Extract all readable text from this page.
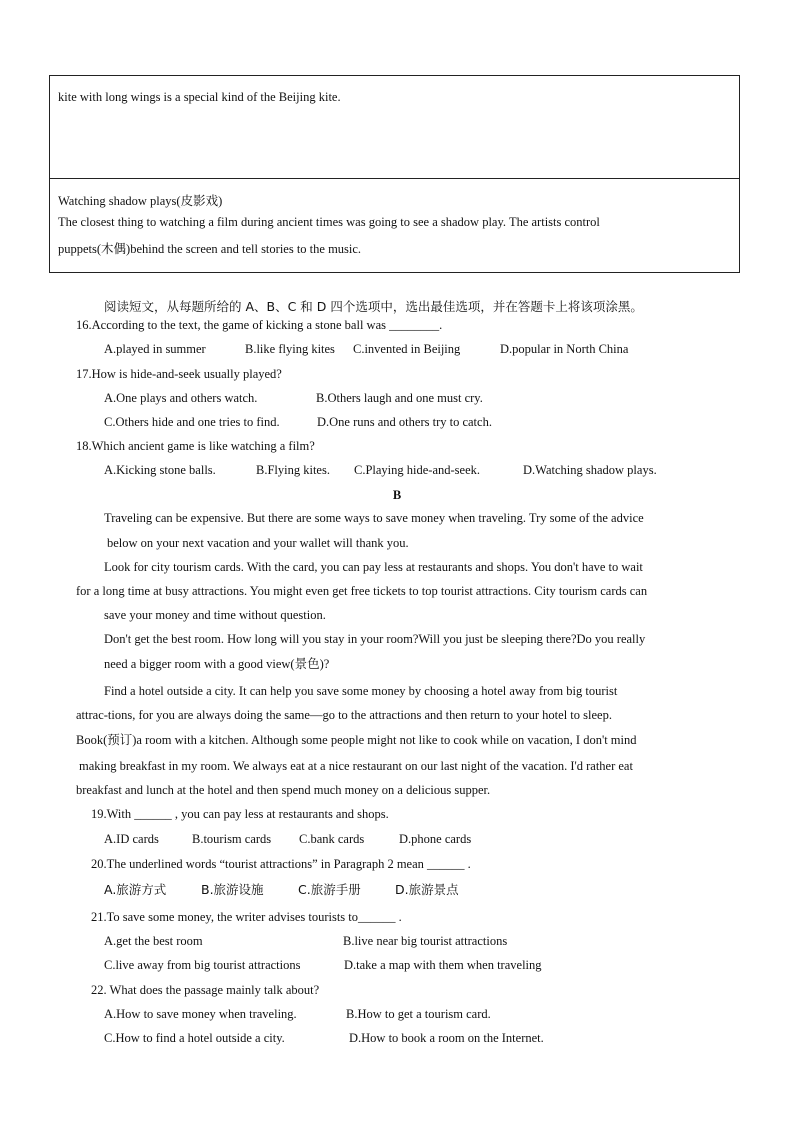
kite with long wings is a special kind of the Beijing kite.

Watching shadow plays(皮影戏)

The closest thing to watching a film during ancient times was going to see a shadow play. The artists control

puppets(木偶)behind the screen and tell stories to the music.

阅读短文，从每题所给的 A、B、C 和 D 四个选项中，选出最佳选项，并在答题卡上将该项涂黑。
16.According to the text, the game of kicking a stone ball was ________.
A.played in summer	B.like flying kites C.invented in Beijing	D.popular in North China
17.How is hide-and-seek usually played?
A.One plays and others watch.	B.Others laugh and one must cry.
C.Others hide and one tries to find.	D.One runs and others try to catch.
18.Which ancient game is like watching a film?
A.Kicking stone balls.	B.Flying kites. C.Playing hide-and-seek.	D.Watching shadow plays.
B
Traveling can be expensive. But there are some ways to save money when traveling. Try some of the advice
below on your next vacation and your wallet will thank you.
Look for city tourism cards. With the card, you can pay less at restaurants and shops. You don't have to wait
for a long time at busy attractions. You might even get free tickets to top tourist attractions. City tourism cards can
save your money and time without question.
Don't get the best room. How long will you stay in your room?Will you just be sleeping there?Do you really
need a bigger room with a good view(景色)?
Find a hotel outside a city. It can help you save some money by choosing a hotel away from big tourist
attrac-tions, for you are always doing the same—go to the attractions and then return to your hotel to sleep.
Book(预订)a room with a kitchen. Although some people might not like to cook while on vacation, I don't mind
making breakfast in my room. We always eat at a nice restaurant on our last night of the vacation. I'd rather eat
breakfast and lunch at the hotel and then spend much money on a delicious supper.
19.With ______ , you can pay less at restaurants and shops.
A.ID cards	B.tourism cards C.bank cards	D.phone cards
20.The underlined words “tourist attractions” in Paragraph 2 mean ______ .
A.旅游方式	B.旅游设施	C.旅游手册	D.旅游景点
21.To save some money, the writer advises tourists to______ .
A.get the best room	B.live near big tourist attractions
C.live away from big tourist attractions	D.take a map with them when traveling
22. What does the passage mainly talk about?
A.How to save money when traveling.	B.How to get a tourism card.
C.How to find a hotel outside a city.	D.How to book a room on the Internet.
